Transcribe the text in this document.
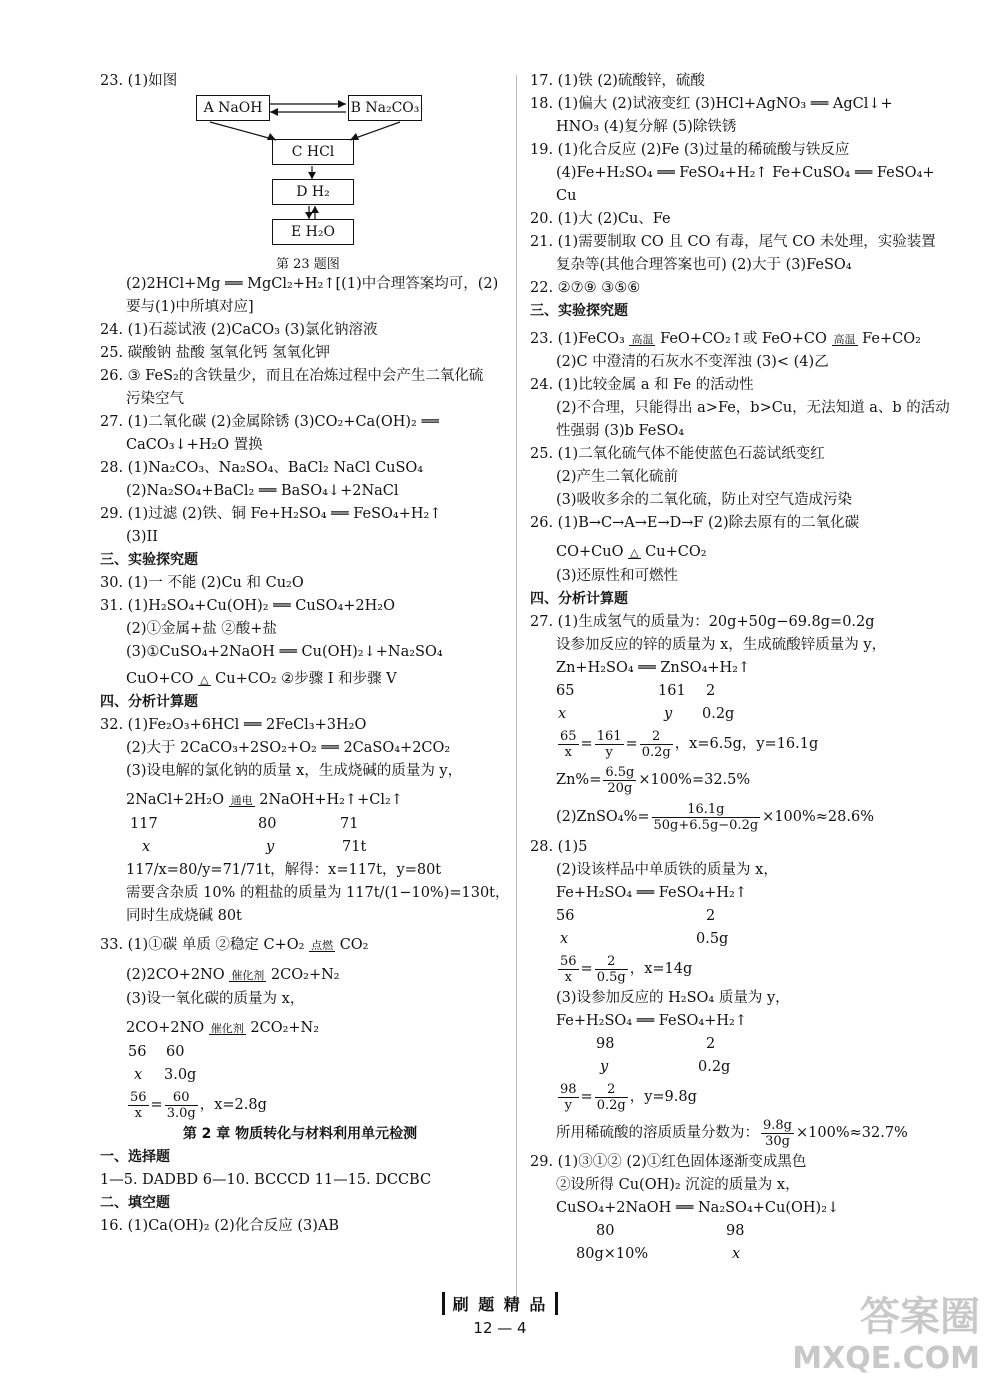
23. (1)如图
A NaOH	B Na₂CO₃
C HCl
D H₂
E H₂O
第 23 题图
(2)2HCl+Mg ══ MgCl₂+H₂↑[(1)中合理答案均可，(2)
要与(1)中所填对应]
24. (1)石蕊试液 (2)CaCO₃ (3)氯化钠溶液
25. 碳酸钠 盐酸 氢氧化钙 氢氧化钾
26. ③ FeS₂的含铁量少，而且在冶炼过程中会产生二氧化硫
污染空气
27. (1)二氧化碳 (2)金属除锈 (3)CO₂+Ca(OH)₂ ══
CaCO₃↓+H₂O 置换
28. (1)Na₂CO₃、Na₂SO₄、BaCl₂ NaCl CuSO₄
(2)Na₂SO₄+BaCl₂ ══ BaSO₄↓+2NaCl
29. (1)过滤 (2)铁、铜 Fe+H₂SO₄ ══ FeSO₄+H₂↑
(3)II
三、实验探究题
30. (1)一 不能 (2)Cu 和 Cu₂O
31. (1)H₂SO₄+Cu(OH)₂ ══ CuSO₄+2H₂O
(2)①金属+盐 ②酸+盐
(3)①CuSO₄+2NaOH ══ Cu(OH)₂↓+Na₂SO₄
CuO+CO △ Cu+CO₂ ②步骤 I 和步骤 V
四、分析计算题
32. (1)Fe₂O₃+6HCl ══ 2FeCl₃+3H₂O
(2)大于 2CaCO₃+2SO₂+O₂ ══ 2CaSO₄+2CO₂
(3)设电解的氯化钠的质量 x，生成烧碱的质量为 y，
2NaCl+2H₂O 通电 2NaOH+H₂↑+Cl₂↑
117	80	71
x	y	71t
117/x=80/y=71/71t，解得：x=117t，y=80t
需要含杂质 10% 的粗盐的质量为 117t/(1−10%)=130t，
同时生成烧碱 80t
33. (1)①碳 单质 ②稳定 C+O₂ 点燃 CO₂
(2)2CO+2NO 催化剂 2CO₂+N₂
(3)设一氧化碳的质量为 x，
2CO+2NO 催化剂 2CO₂+N₂
56 60
x 3.0g
$\frac{56}{x} = \frac{60}{3.0g}$ ，x=2.8g
第 2 章 物质转化与材料利用单元检测
一、选择题
1—5. DADBD 6—10. BCCCD 11—15. DCCBC
二、填空题
16. (1)Ca(OH)₂ (2)化合反应 (3)AB
17. (1)铁 (2)硫酸锌，硫酸
18. (1)偏大 (2)试液变红 (3)HCl+AgNO₃ ══ AgCl↓+
HNO₃ (4)复分解 (5)除铁锈
19. (1)化合反应 (2)Fe (3)过量的稀硫酸与铁反应
(4)Fe+H₂SO₄ ══ FeSO₄+H₂↑ Fe+CuSO₄ ══ FeSO₄+
Cu
20. (1)大 (2)Cu、Fe
21. (1)需要制取 CO 且 CO 有毒，尾气 CO 未处理，实验装置
复杂等(其他合理答案也可) (2)大于 (3)FeSO₄
22. ②⑦⑨ ③⑤⑥
三、实验探究题
23. (1)FeCO₃ 高温 FeO+CO₂↑或 FeO+CO 高温 Fe+CO₂
(2)C 中澄清的石灰水不变浑浊 (3)< (4)乙
24. (1)比较金属 a 和 Fe 的活动性
(2)不合理，只能得出 a>Fe，b>Cu，无法知道 a、b 的活动
性强弱 (3)b FeSO₄
25. (1)二氧化硫气体不能使蓝色石蕊试纸变红
(2)产生二氧化硫前
(3)吸收多余的二氧化硫，防止对空气造成污染
26. (1)B→C→A→E→D→F (2)除去原有的二氧化碳
CO+CuO △ Cu+CO₂
(3)还原性和可燃性
四、分析计算题
27. (1)生成氢气的质量为：20g+50g−69.8g=0.2g
设参加反应的锌的质量为 x，生成硫酸锌质量为 y，
Zn+H₂SO₄ ══ ZnSO₄+H₂↑
65	161 2
x	y 0.2g
$\frac{65}{x} = \frac{161}{y} = \frac{2}{0.2g}$ ，x=6.5g，y=16.1g
$Zn\%= \frac{6.5g}{20g} \times 100\%=32.5\%$
(2)ZnSO₄%= $\frac{16.1g}{50g+6.5g-0.2g} \times 100\%\approx 28.6\%$
28. (1)5
(2)设该样品中单质铁的质量为 x，
Fe+H₂SO₄ ══ FeSO₄+H₂↑
56	2
x	0.5g
$\frac{56}{x} = \frac{2}{0.5g}$ ，x=14g
(3)设参加反应的 H₂SO₄ 质量为 y，
Fe+H₂SO₄ ══ FeSO₄+H₂↑
98	2
y	0.2g
$\frac{98}{y} = \frac{2}{0.2g}$ ，y=9.8g
所用稀硫酸的溶质质量分数为： $\frac{9.8g}{30g} \times 100\%\approx 32.7\%$
29. (1)③①② (2)①红色固体逐渐变成黑色
②设所得 Cu(OH)₂ 沉淀的质量为 x，
CuSO₄+2NaOH ══ Na₂SO₄+Cu(OH)₂↓
80	98
80g×10%	x
刷 题 精 品
12 — 4	答案圈
MXQE.COM
